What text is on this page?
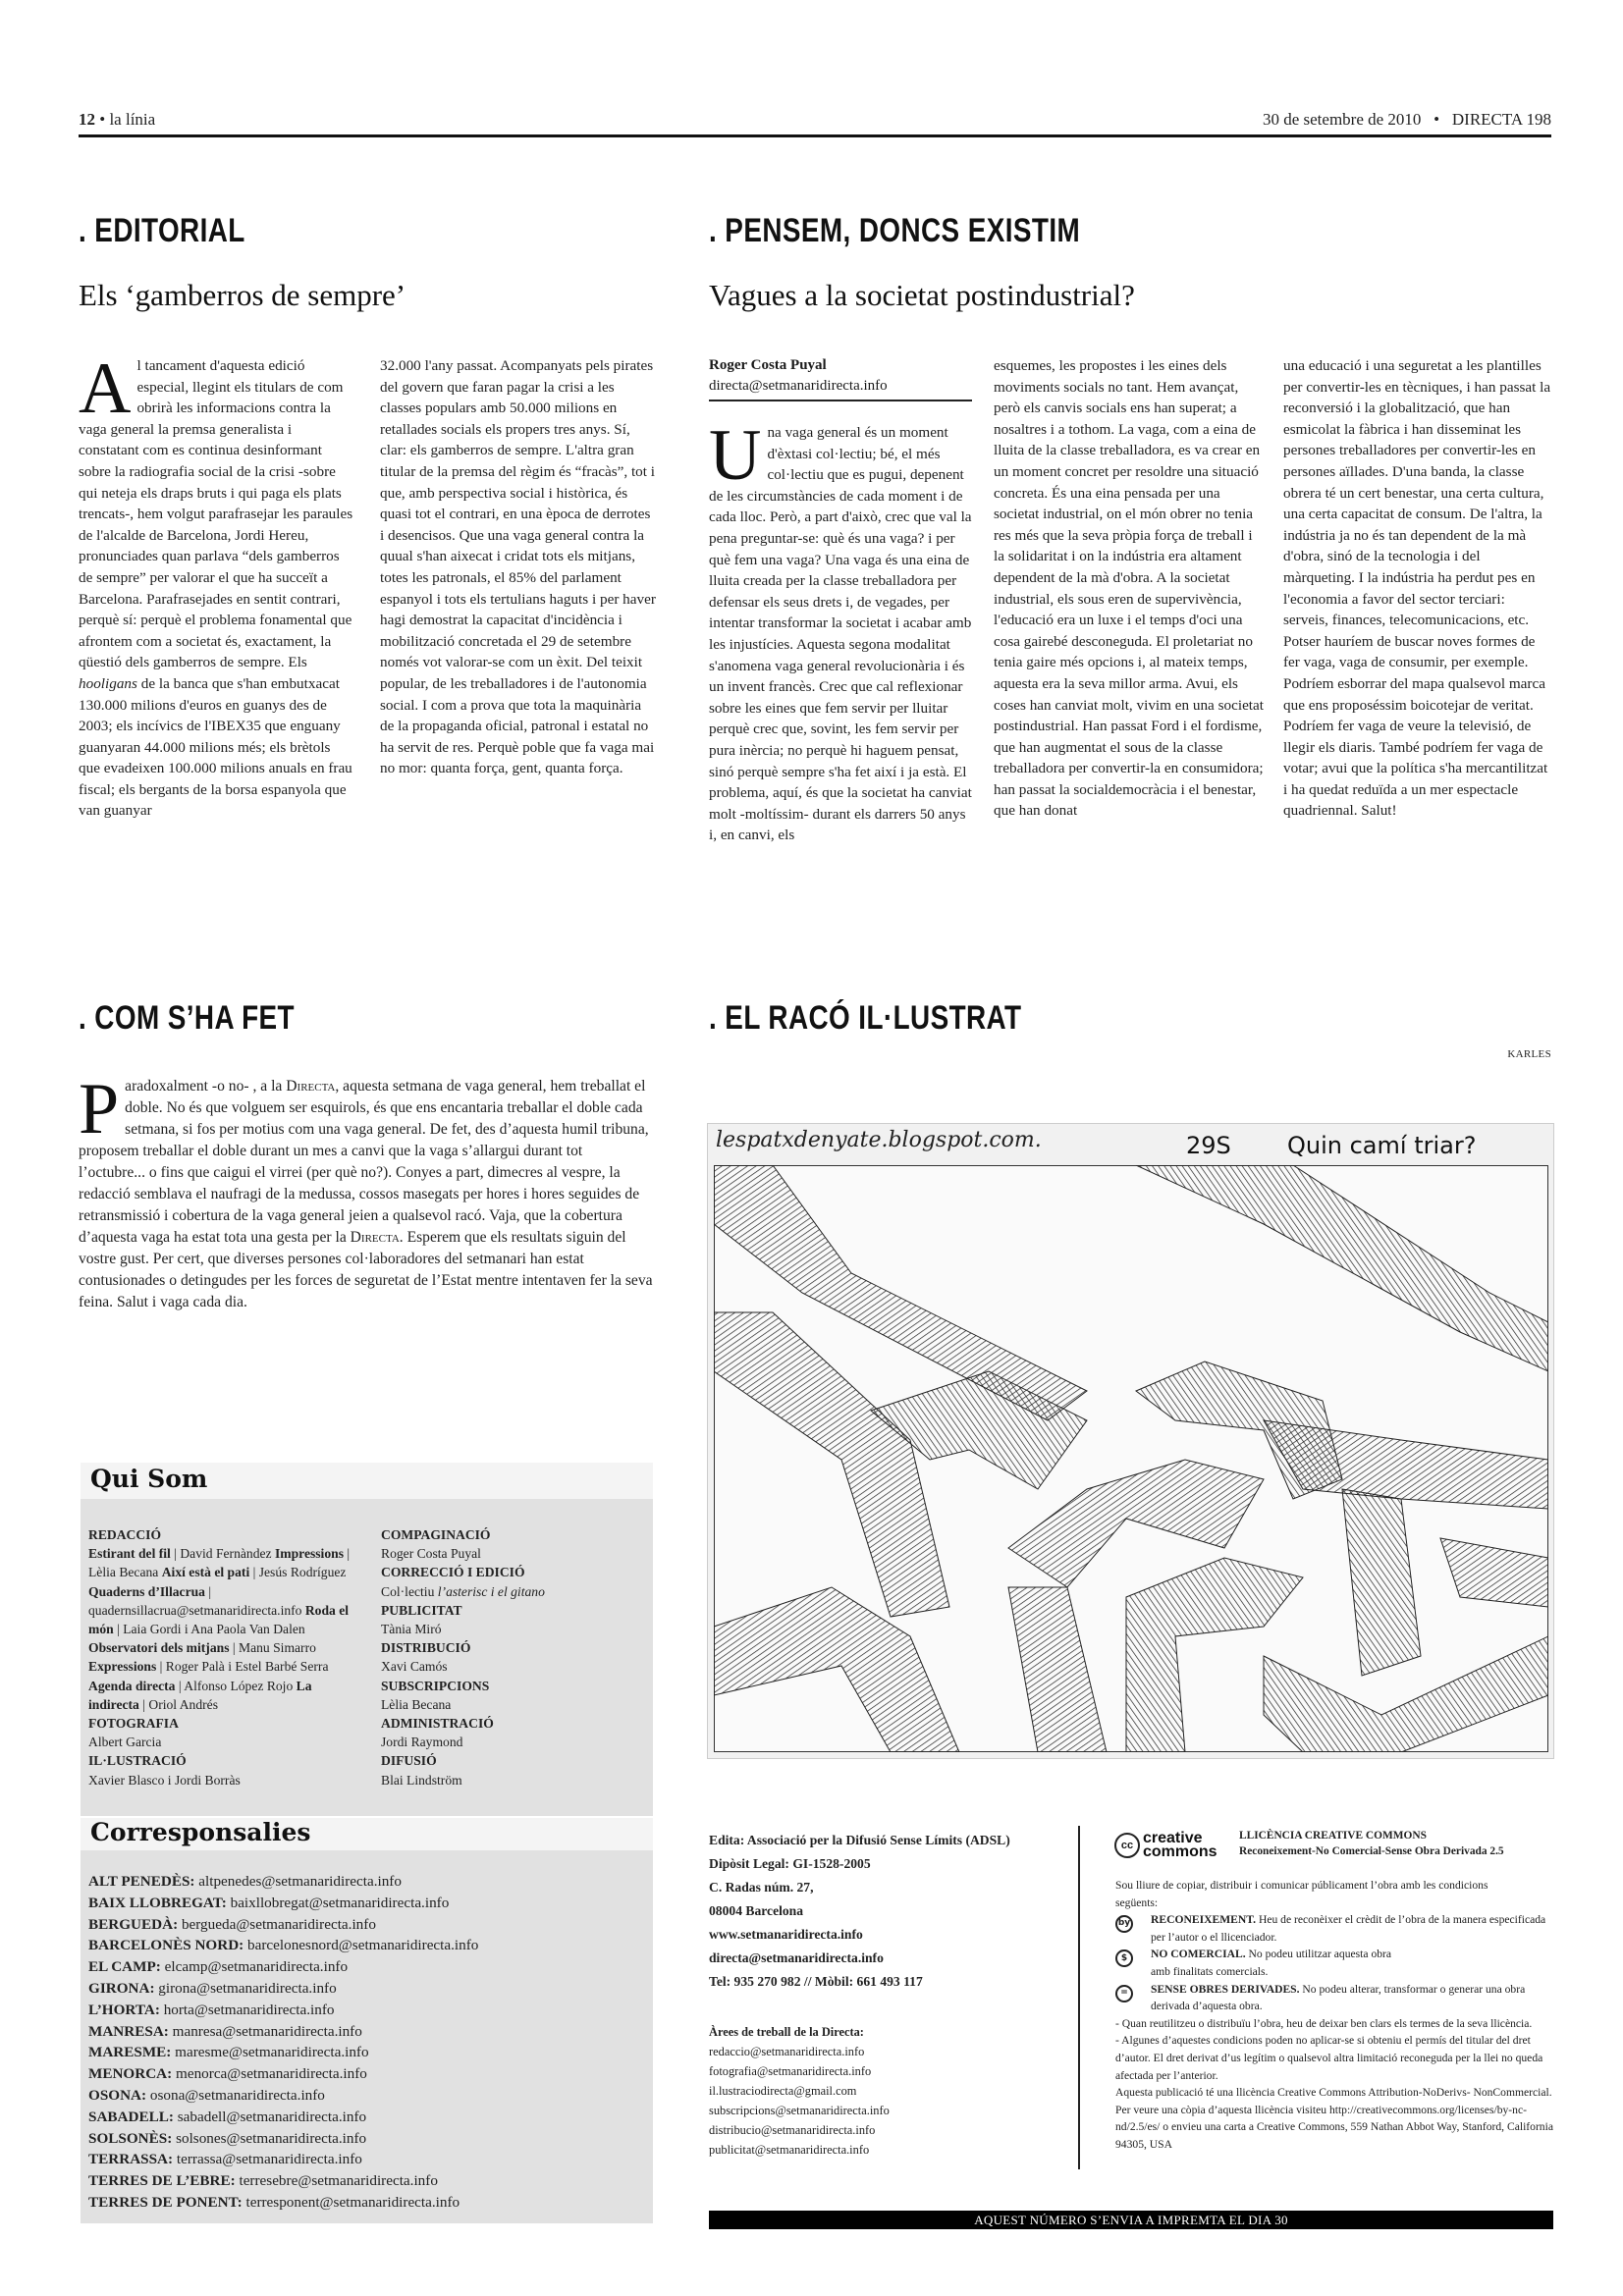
12 • la línia	30 de setembre de 2010 • DIRECTA 198
. EDITORIAL
Els ‘gamberros de sempre’
A l tancament d'aquesta edició especial, llegint els titulars de com obrirà les informacions contra la vaga general la premsa generalista i constatant com es continua desinformant sobre la radiografia social de la crisi -sobre qui neteja els draps bruts i qui paga els plats trencats-, hem volgut parafrasejar les paraules de l'alcalde de Barcelona, Jordi Hereu, pronunciades quan parlava “dels gamberros de sempre” per valorar el que ha succeït a Barcelona. Parafrasejades en sentit contrari, perquè sí: perquè el problema fonamental que afrontem com a societat és, exactament, la qüestió dels gamberros de sempre. Els hooligans de la banca que s'han embutxacat 130.000 milions d'euros en guanys des de 2003; els incívics de l'IBEX35 que enguany guanyaran 44.000 milions més; els brètols que evadeixen 100.000 milions anuals en frau fiscal; els bergants de la borsa espanyola que van guanyar
32.000 l'any passat. Acompanyats pels pirates del govern que faran pagar la crisi a les classes populars amb 50.000 milions en retallades socials els propers tres anys. Sí, clar: els gamberros de sempre. L'altra gran titular de la premsa del règim és “fracàs”, tot i que, amb perspectiva social i històrica, és quasi tot el contrari, en una època de derrotes i desencisos. Que una vaga general contra la quual s'han aixecat i cridat tots els mitjans, totes les patronals, el 85% del parlament espanyol i tots els tertulians haguts i per haver hagi demostrat la capacitat d'incidència i mobilització concretada el 29 de setembre només vot valorar-se com un èxit. Del teixit popular, de les treballadores i de l'autonomia social. I com a prova que tota la maquinària de la propaganda oficial, patronal i estatal no ha servit de res. Perquè poble que fa vaga mai no mor: quanta força, gent, quanta força.
. PENSEM, DONCS EXISTIM
Vagues a la societat postindustrial?
Roger Costa Puyal
directa@setmanaridirecta.info
U na vaga general és un moment d'èxtasi col·lectiu; bé, el més col·lectiu que es pugui, depenent de les circumstàncies de cada moment i de cada lloc. Però, a part d'això, crec que val la pena preguntar-se: què és una vaga? i per què fem una vaga? Una vaga és una eina de lluita creada per la classe treballadora per defensar els seus drets i, de vegades, per intentar transformar la societat i acabar amb les injustícies. Aquesta segona modalitat s'anomena vaga general revolucionària i és un invent francès. Crec que cal reflexionar sobre les eines que fem servir per lluitar perquè crec que, sovint, les fem servir per pura inèrcia; no perquè hi haguem pensat, sinó perquè sempre s'ha fet així i ja està. El problema, aquí, és que la societat ha canviat molt -moltíssim- durant els darrers 50 anys i, en canvi, els
esquemes, les propostes i les eines dels moviments socials no tant. Hem avançat, però els canvis socials ens han superat; a nosaltres i a tothom. La vaga, com a eina de lluita de la classe treballadora, es va crear en un moment concret per resoldre una situació concreta. És una eina pensada per una societat industrial, on el món obrer no tenia res més que la seva pròpia força de treball i la solidaritat i on la indústria era altament dependent de la mà d'obra. A la societat industrial, els sous eren de supervivència, l'educació era un luxe i el temps d'oci una cosa gairebé desconeguda. El proletariat no tenia gaire més opcions i, al mateix temps, aquesta era la seva millor arma. Avui, els coses han canviat molt, vivim en una societat postindustrial. Han passat Ford i el fordisme, que han augmentat el sous de la classe treballadora per convertir-la en consumidora; han passat la socialdemocràcia i el benestar, que han donat
una educació i una seguretat a les plantilles per convertir-les en tècniques, i han passat la reconversió i la globalització, que han esmicolat la fàbrica i han disseminat les persones treballadores per convertir-les en persones aïllades. D'una banda, la classe obrera té un cert benestar, una certa cultura, una certa capacitat de consum. De l'altra, la indústria ja no és tan dependent de la mà d'obra, sinó de la tecnologia i del màrqueting. I la indústria ha perdut pes en l'economia a favor del sector terciari: serveis, finances, telecomunicacions, etc. Potser hauríem de buscar noves formes de fer vaga, vaga de consumir, per exemple. Podríem esborrar del mapa qualsevol marca que ens proposéssim boicotejar de veritat. Podríem fer vaga de veure la televisió, de llegir els diaris. També podríem fer vaga de votar; avui que la política s'ha mercantilitzat i ha quedat reduïda a un mer espectacle quadriennal. Salut!
. COM S’HA FET
P aradoxalment -o no- , a la Directa, aquesta setmana de vaga general, hem treballat el doble. No és que volguem ser esquirols, és que ens encantaria treballar el doble cada setmana, si fos per motius com una vaga general. De fet, des d’aquesta humil tribuna, proposem treballar el doble durant un mes a canvi que la vaga s’allargui durant tot l’octubre... o fins que caigui el virrei (per què no?). Conyes a part, dimecres al vespre, la redacció semblava el naufragi de la medussa, cossos masegats per hores i hores seguides de retransmissió i cobertura de la vaga general jeien a qualsevol racó. Vaja, que la cobertura d’aquesta vaga ha estat tota una gesta per la Directa. Esperem que els resultats siguin del vostre gust. Per cert, que diverses persones col·laboradores del setmanari han estat contusionades o detingudes per les forces de seguretat de l’Estat mentre intentaven fer la seva feina. Salut i vaga cada dia.
. EL RACÓ IL·LUSTRAT
KARLES
lespatxdenyate.blogspot.com.	29S Quin camí triar?
Qui Som
REDACCIÓ
Estirant del fil | David Fernàndez Impressions | Lèlia Becana Així està el pati | Jesús Rodríguez Quaderns d’Illacrua | quadernsillacrua@setmanaridirecta.info Roda el món | Laia Gordi i Ana Paola Van Dalen Observatori dels mitjans | Manu Simarro Expressions | Roger Palà i Estel Barbé Serra Agenda directa | Alfonso López Rojo La indirecta | Oriol Andrés
FOTOGRAFIA
Albert Garcia
IL·LUSTRACIÓ
Xavier Blasco i Jordi Borràs
COMPAGINACIÓ
Roger Costa Puyal
CORRECCIÓ I EDICIÓ
Col·lectiu l’asterisc i el gitano
PUBLICITAT
Tània Miró
DISTRIBUCIÓ
Xavi Camós
SUBSCRIPCIONS
Lèlia Becana
ADMINISTRACIÓ
Jordi Raymond
DIFUSIÓ
Blai Lindström
Corresponsalies
ALT PENEDÈS: altpenedes@setmanaridirecta.info
BAIX LLOBREGAT: baixllobregat@setmanaridirecta.info
BERGUEDÀ: bergueda@setmanaridirecta.info
BARCELONÈS NORD: barcelonesnord@setmanaridirecta.info
EL CAMP: elcamp@setmanaridirecta.info
GIRONA: girona@setmanaridirecta.info
L’HORTA: horta@setmanaridirecta.info
MANRESA: manresa@setmanaridirecta.info
MARESME: maresme@setmanaridirecta.info
MENORCA: menorca@setmanaridirecta.info
OSONA: osona@setmanaridirecta.info
SABADELL: sabadell@setmanaridirecta.info
SOLSONÈS: solsones@setmanaridirecta.info
TERRASSA: terrassa@setmanaridirecta.info
TERRES DE L’EBRE: terresebre@setmanaridirecta.info
TERRES DE PONENT: terresponent@setmanaridirecta.info
Edita: Associació per la Difusió Sense Límits (ADSL)
Dipòsit Legal: GI-1528-2005
C. Radas núm. 27,
08004 Barcelona
www.setmanaridirecta.info
directa@setmanaridirecta.info
Tel: 935 270 982 // Mòbil: 661 493 117
Àrees de treball de la Directa:
redaccio@setmanaridirecta.info
fotografia@setmanaridirecta.info
il.lustraciodirecta@gmail.com
subscripcions@setmanaridirecta.info
distribucio@setmanaridirecta.info
publicitat@setmanaridirecta.info
cc creative
commons
LLICÈNCIA CREATIVE COMMONS
Reconeixement-No Comercial-Sense Obra Derivada 2.5
Sou lliure de copiar, distribuir i comunicar públicament l’obra amb les condicions següents:
by RECONEIXEMENT. Heu de reconèixer el crèdit de l’obra de la manera especificada per l’autor o el llicenciador.
$	NO COMERCIAL. No podeu utilitzar aquesta obra amb finalitats comercials.
=	SENSE OBRES DERIVADES. No podeu alterar, transformar o generar una obra derivada d’aquesta obra.
- Quan reutilitzeu o distribuïu l’obra, heu de deixar ben clars els termes de la seva llicència.
- Algunes d’aquestes condicions poden no aplicar-se si obteniu el permís del titular del dret d’autor. El dret derivat d’us legítim o qualsevol altra limitació reconeguda per la llei no queda afectada per l’anterior.
Aquesta publicació té una llicència Creative Commons Attribution-NoDerivs- NonCommercial. Per veure una còpia d’aquesta llicència visiteu http://creativecommons.org/licenses/by-nc-nd/2.5/es/ o envieu una carta a Creative Commons, 559 Nathan Abbot Way, Stanford, California 94305, USA
AQUEST NÚMERO S’ENVIA A IMPREMTA EL DIA 30
